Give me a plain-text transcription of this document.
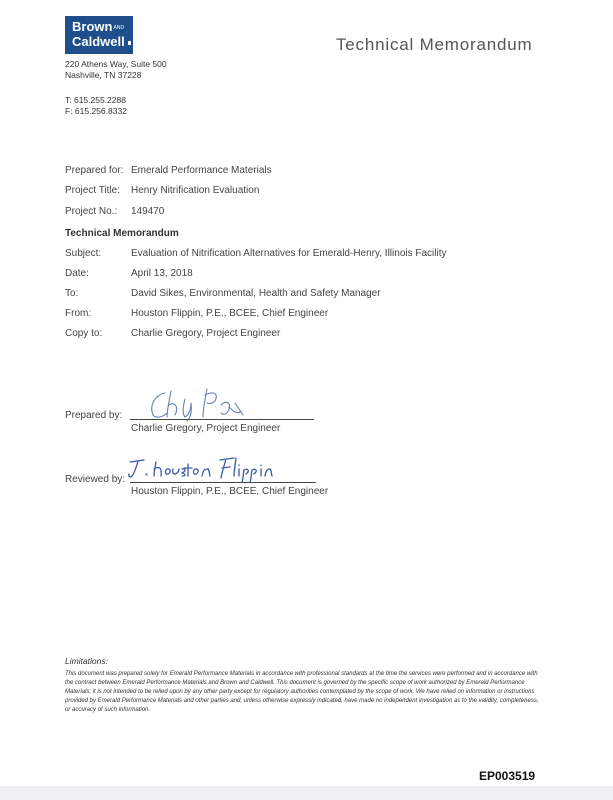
BrownAND
Caldwell	Technical Memorandum
220 Athens Way, Suite 500
Nashville, TN 37228
T: 615.255.2288
F: 615.256.8332
Prepared for: Emerald Performance Materials
Project Title: Henry Nitrification Evaluation
Project No.: 149470
Technical Memorandum
Subject:	Evaluation of Nitrification Alternatives for Emerald-Henry, Illinois Facility
Date:	April 13, 2018
To:	David Sikes, Environmental, Health and Safety Manager
From:	Houston Flippin, P.E., BCEE, Chief Engineer
Copy to:	Charlie Gregory, Project Engineer
Prepared by:
Charlie Gregory, Project Engineer
Reviewed by:
Houston Flippin, P.E., BCEE, Chief Engineer
Limitations:
This document was prepared solely for Emerald Performance Materials in accordance with professional standards at the time the services were performed and in accordance with the contract between Emerald Performance Materials and Brown and Caldwell. This document is governed by the specific scope of work authorized by Emerald Performance Materials; it is not intended to be relied upon by any other party except for regulatory authorities contemplated by the scope of work. We have relied on information or instructions provided by Emerald Performance Materials and other parties and, unless otherwise expressly indicated, have made no independent investigation as to the validity, completeness, or accuracy of such information.
EP003519
